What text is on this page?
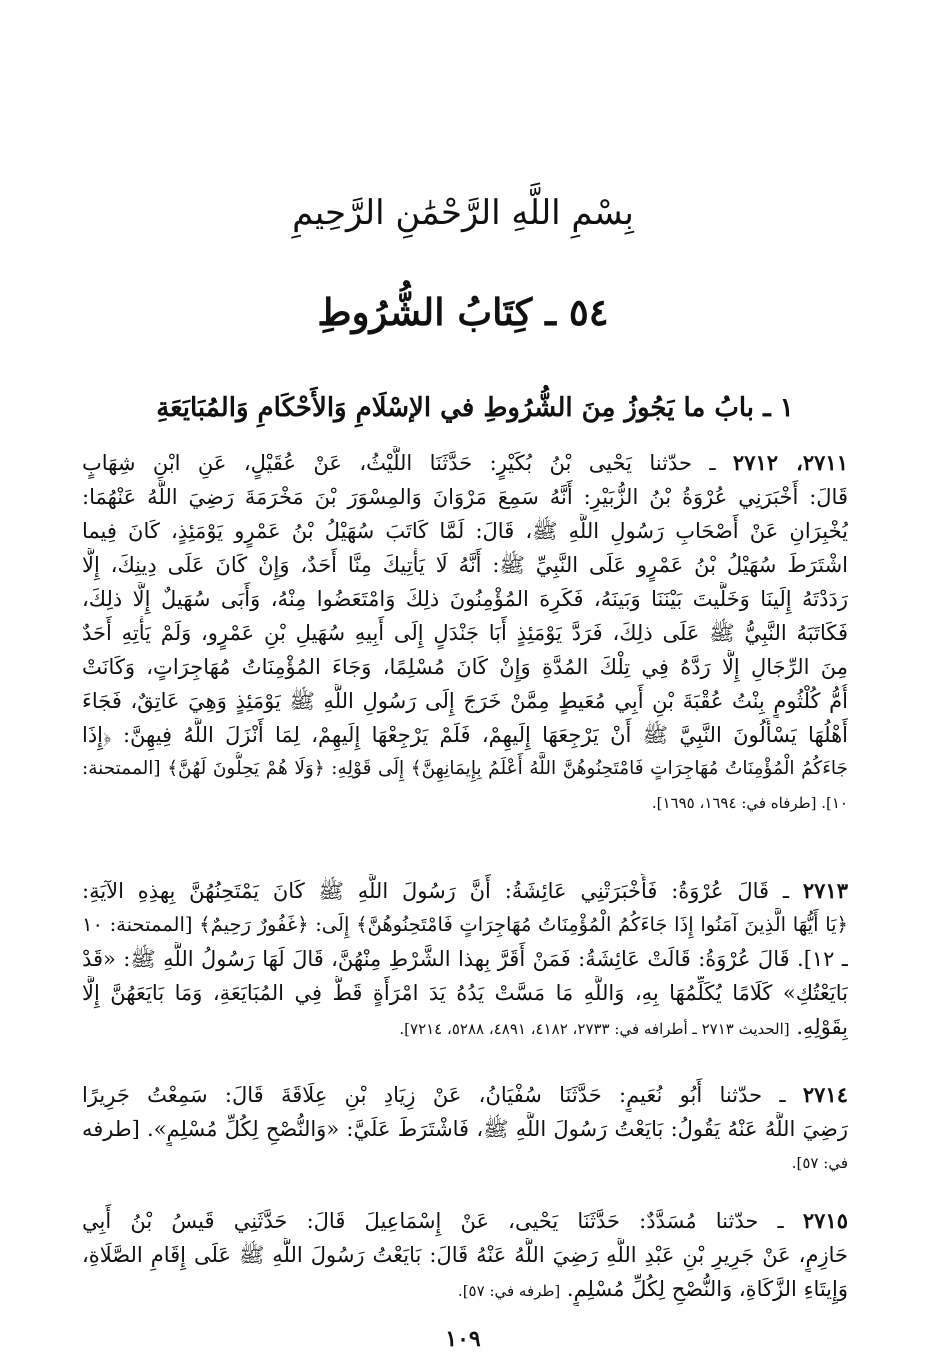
بِسْمِ اللَّهِ الرَّحْمَٰنِ الرَّحِيمِ
٥٤ ـ كِتَابُ الشُّرُوطِ
١ ـ بابُ ما يَجُوزُ مِنَ الشُّرُوطِ في الإسْلَامِ وَالأَحْكَامِ وَالمُبَايَعَةِ
٢٧١١، ٢٧١٢ ـ حدّثنا يَحْيى بْنُ بُكَيْرٍ: حَدَّثَنَا اللَّيْثُ، عَنْ عُقَيْلٍ، عَنِ ابْنِ شِهَابٍ
قَالَ: أَخْبَرَنِي عُرْوَةُ بْنُ الزُّبَيْرِ: أَنَّهُ سَمِعَ مَرْوَانَ وَالمِسْوَرَ بْنَ مَخْرَمَةَ رَضِيَ اللَّهُ عَنْهُمَا:
يُخْبِرَانِ عَنْ أَصْحَابِ رَسُولِ اللَّهِ ﷺ، قَالَ: لَمَّا كَاتَبَ سُهَيْلُ بْنُ عَمْرٍو يَوْمَئِذٍ، كَانَ فِيما
اشْتَرَطَ سُهَيْلُ بْنُ عَمْرٍو عَلَى النَّبِيِّ ﷺ: أَنَّهُ لَا يَأْتِيكَ مِنَّا أَحَدٌ، وَإِنْ كَانَ عَلَى دِينِكَ، إِلَّا
رَدَدْتَهُ إِلَينَا وَخَلَّيتَ بَيْنَنَا وَبَينَهُ، فَكَرِهَ المُؤْمِنُونَ ذلِكَ وَامْتَعَضُوا مِنْهُ، وَأَبَى سُهَيلٌ إِلَّا ذلِكَ،
فَكَاتَبَهُ النَّبِيُّ ﷺ عَلَى ذلِكَ، فَرَدَّ يَوْمَئِذٍ أَبَا جَنْدَلٍ إِلَى أَبِيهِ سُهَيلِ بْنِ عَمْرٍو، وَلَمْ يَأْتِهِ أَحَدٌ
مِنَ الرِّجَالِ إِلَّا رَدَّهُ فِي تِلْكَ المُدَّةِ وَإِنْ كَانَ مُسْلِمًا، وَجَاءَ المُؤْمِنَاتُ مُهَاجِرَاتٍ، وَكَانَتْ
أُمُّ كُلْثُومٍ بِنْتُ عُقْبَةَ بْنِ أَبِي مُعَيطٍ مِمَّنْ خَرَجَ إِلَى رَسُولِ اللَّهِ ﷺ يَوْمَئِذٍ وَهِيَ عَاتِقٌ، فَجَاءَ
أَهْلُهَا يَسْأَلُونَ النَّبِيَّ ﷺ أَنْ يَرْجِعَهَا إِلَيهِمْ، فَلَمْ يَرْجِعْهَا إِلَيهِمْ، لِمَا أَنْزَلَ اللَّهُ فِيهِنَّ: ﴿إِذَا
جَاءَكُمُ الْمُؤْمِنَاتُ مُهَاجِرَاتٍ فَامْتَحِنُوهُنَّ اللَّهُ أَعْلَمُ بِإِيمَانِهِنَّ﴾ إِلَى قَوْلِهِ: ﴿وَلَا هُمْ يَحِلُّونَ لَهُنَّ﴾ [الممتحنة:
١٠]. [طرفاه في: ١٦٩٤، ١٦٩٥].
٢٧١٣ ـ قَالَ عُرْوَةُ: فَأَخْبَرَتْنِي عَائِشَةُ: أَنَّ رَسُولَ اللَّهِ ﷺ كَانَ يَمْتَحِنُهُنَّ بِهذِهِ الآيَةِ:
﴿يَا أَيُّهَا الَّذِينَ آمَنُوا إِذَا جَاءَكُمُ الْمُؤْمِنَاتُ مُهَاجِرَاتٍ فَامْتَحِنُوهُنَّ﴾ إِلَى: ﴿غَفُورٌ رَحِيمٌ﴾ [الممتحنة: ١٠
ـ ١٢]. قَالَ عُرْوَةُ: قَالَتْ عَائِشَةُ: فَمَنْ أَقَرَّ بِهذا الشَّرْطِ مِنْهُنَّ، قَالَ لَهَا رَسُولُ اللَّهِ ﷺ: «قَدْ
بَايَعْتُكِ» كَلَامًا يُكَلِّمُهَا بِهِ، وَاللَّهِ مَا مَسَّتْ يَدُهُ يَدَ امْرَأَةٍ قَطُّ فِي المُبَايَعَةِ، وَمَا بَايَعَهُنَّ إِلَّا
بِقَوْلِهِ. [الحديث ٢٧١٣ ـ أطرافه في: ٢٧٣٣، ٤١٨٢، ٤٨٩١، ٥٢٨٨، ٧٢١٤].
٢٧١٤ ـ حدّثنا أَبُو نُعَيمٍ: حَدَّثَنَا سُفْيَانُ، عَنْ زِيَادِ بْنِ عِلَاقَةَ قَالَ: سَمِعْتُ جَرِيرًا
رَضِيَ اللَّهُ عَنْهُ يَقُولُ: بَايَعْتُ رَسُولَ اللَّهِ ﷺ، فَاشْتَرَطَ عَلَيَّ: «وَالنُّصْحِ لِكُلِّ مُسْلِمٍ». [طرفه
في: ٥٧].
٢٧١٥ ـ حدّثنا مُسَدَّدٌ: حَدَّثَنَا يَحْيى، عَنْ إِسْمَاعِيلَ قَالَ: حَدَّثَنِي قَيسُ بْنُ أَبِي
حَازِمٍ، عَنْ جَرِيرِ بْنِ عَبْدِ اللَّهِ رَضِيَ اللَّهُ عَنْهُ قَالَ: بَايَعْتُ رَسُولَ اللَّهِ ﷺ عَلَى إِقَامِ الصَّلَاةِ،
وَإِيتَاءِ الزَّكَاةِ، وَالنُّصْحِ لِكُلِّ مُسْلِمٍ. [طرفه في: ٥٧].
١٠٩
